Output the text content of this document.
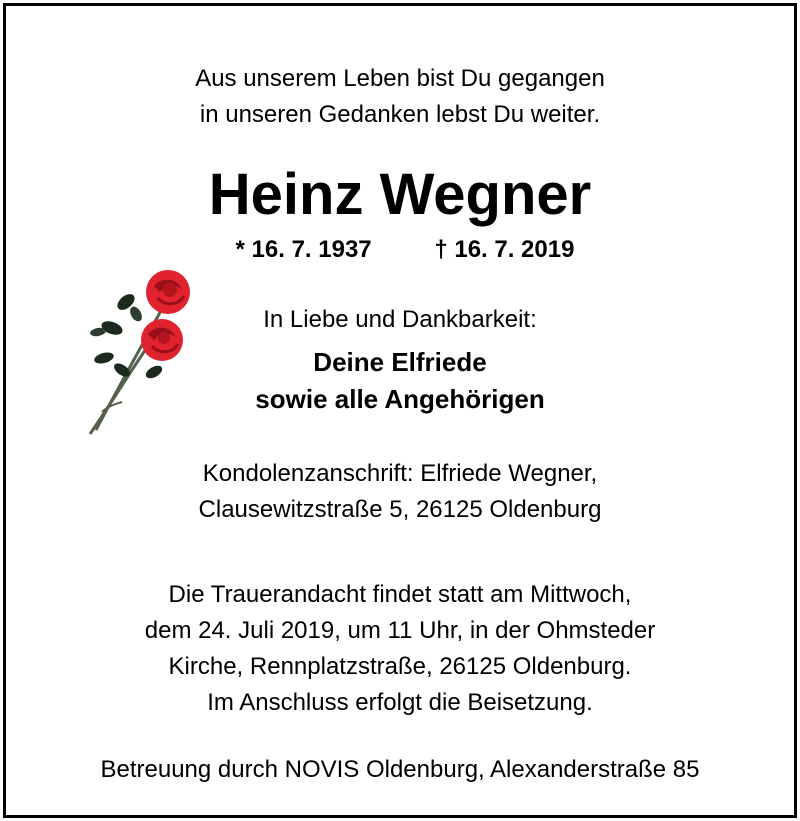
Aus unserem Leben bist Du gegangen
in unseren Gedanken lebst Du weiter.
Heinz Wegner
* 16. 7. 1937	† 16. 7. 2019
In Liebe und Dankbarkeit:
Deine Elfriede
sowie alle Angehörigen
Kondolenzanschrift: Elfriede Wegner,
Clausewitzstraße 5, 26125 Oldenburg
Die Trauerandacht findet statt am Mittwoch,
dem 24. Juli 2019, um 11 Uhr, in der Ohmsteder
Kirche, Rennplatzstraße, 26125 Oldenburg.
Im Anschluss erfolgt die Beisetzung.
Betreuung durch NOVIS Oldenburg, Alexanderstraße 85
